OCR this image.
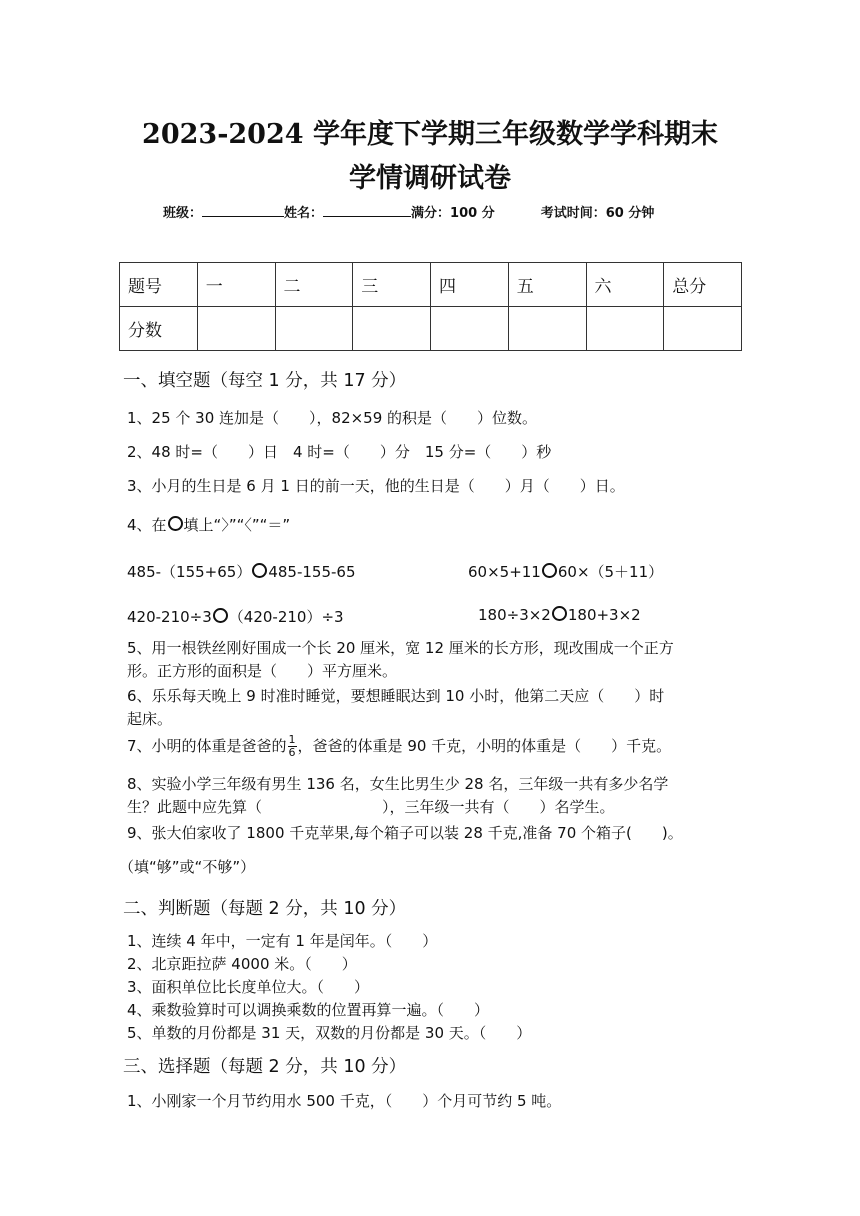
2023-2024 学年度下学期三年级数学学科期末
学情调研试卷
班级：	姓名：	满分：100 分	考试时间：60 分钟
题号	一	二	三	四	五	六	总分
分数							
一、填空题（每空 1 分，共 17 分）
1、25 个 30 连加是（　　），82×59 的积是（　　）位数。
2、48 时=（　　）日　4 时=（　　）分　15 分=（　　）秒
3、小月的生日是 6 月 1 日的前一天，他的生日是（　　）月（　　）日。
4、在 填上“〉”“〈”“＝”
485-（155+65） 485-155-65	60×5+11 60×（5＋11）
420-210÷3 （420-210）÷3	180÷3×2 180+3×2
5、用一根铁丝刚好围成一个长 20 厘米，宽 12 厘米的长方形，现改围成一个正方
形。正方形的面积是（　　）平方厘米。
6、乐乐每天晚上 9 时准时睡觉，要想睡眠达到 10 小时，他第二天应（　　）时
起床。
7、小明的体重是爸爸的 $\frac{1}{6}$ ，爸爸的体重是 90 千克，小明的体重是（　　）千克。
8、实验小学三年级有男生 136 名，女生比男生少 28 名，三年级一共有多少名学
生？此题中应先算（　　　　　　　　），三年级一共有（　　）名学生。
9、张大伯家收了 1800 千克苹果,每个箱子可以装 28 千克,准备 70 个箱子(　　)。
（填“够”或“不够”）
二、判断题（每题 2 分，共 10 分）
1、连续 4 年中，一定有 1 年是闰年。（　　）
2、北京距拉萨 4000 米。（　　）
3、面积单位比长度单位大。（　　）
4、乘数验算时可以调换乘数的位置再算一遍。（　　）
5、单数的月份都是 31 天，双数的月份都是 30 天。（　　）
三、选择题（每题 2 分，共 10 分）
1、小刚家一个月节约用水 500 千克，（　　）个月可节约 5 吨。
